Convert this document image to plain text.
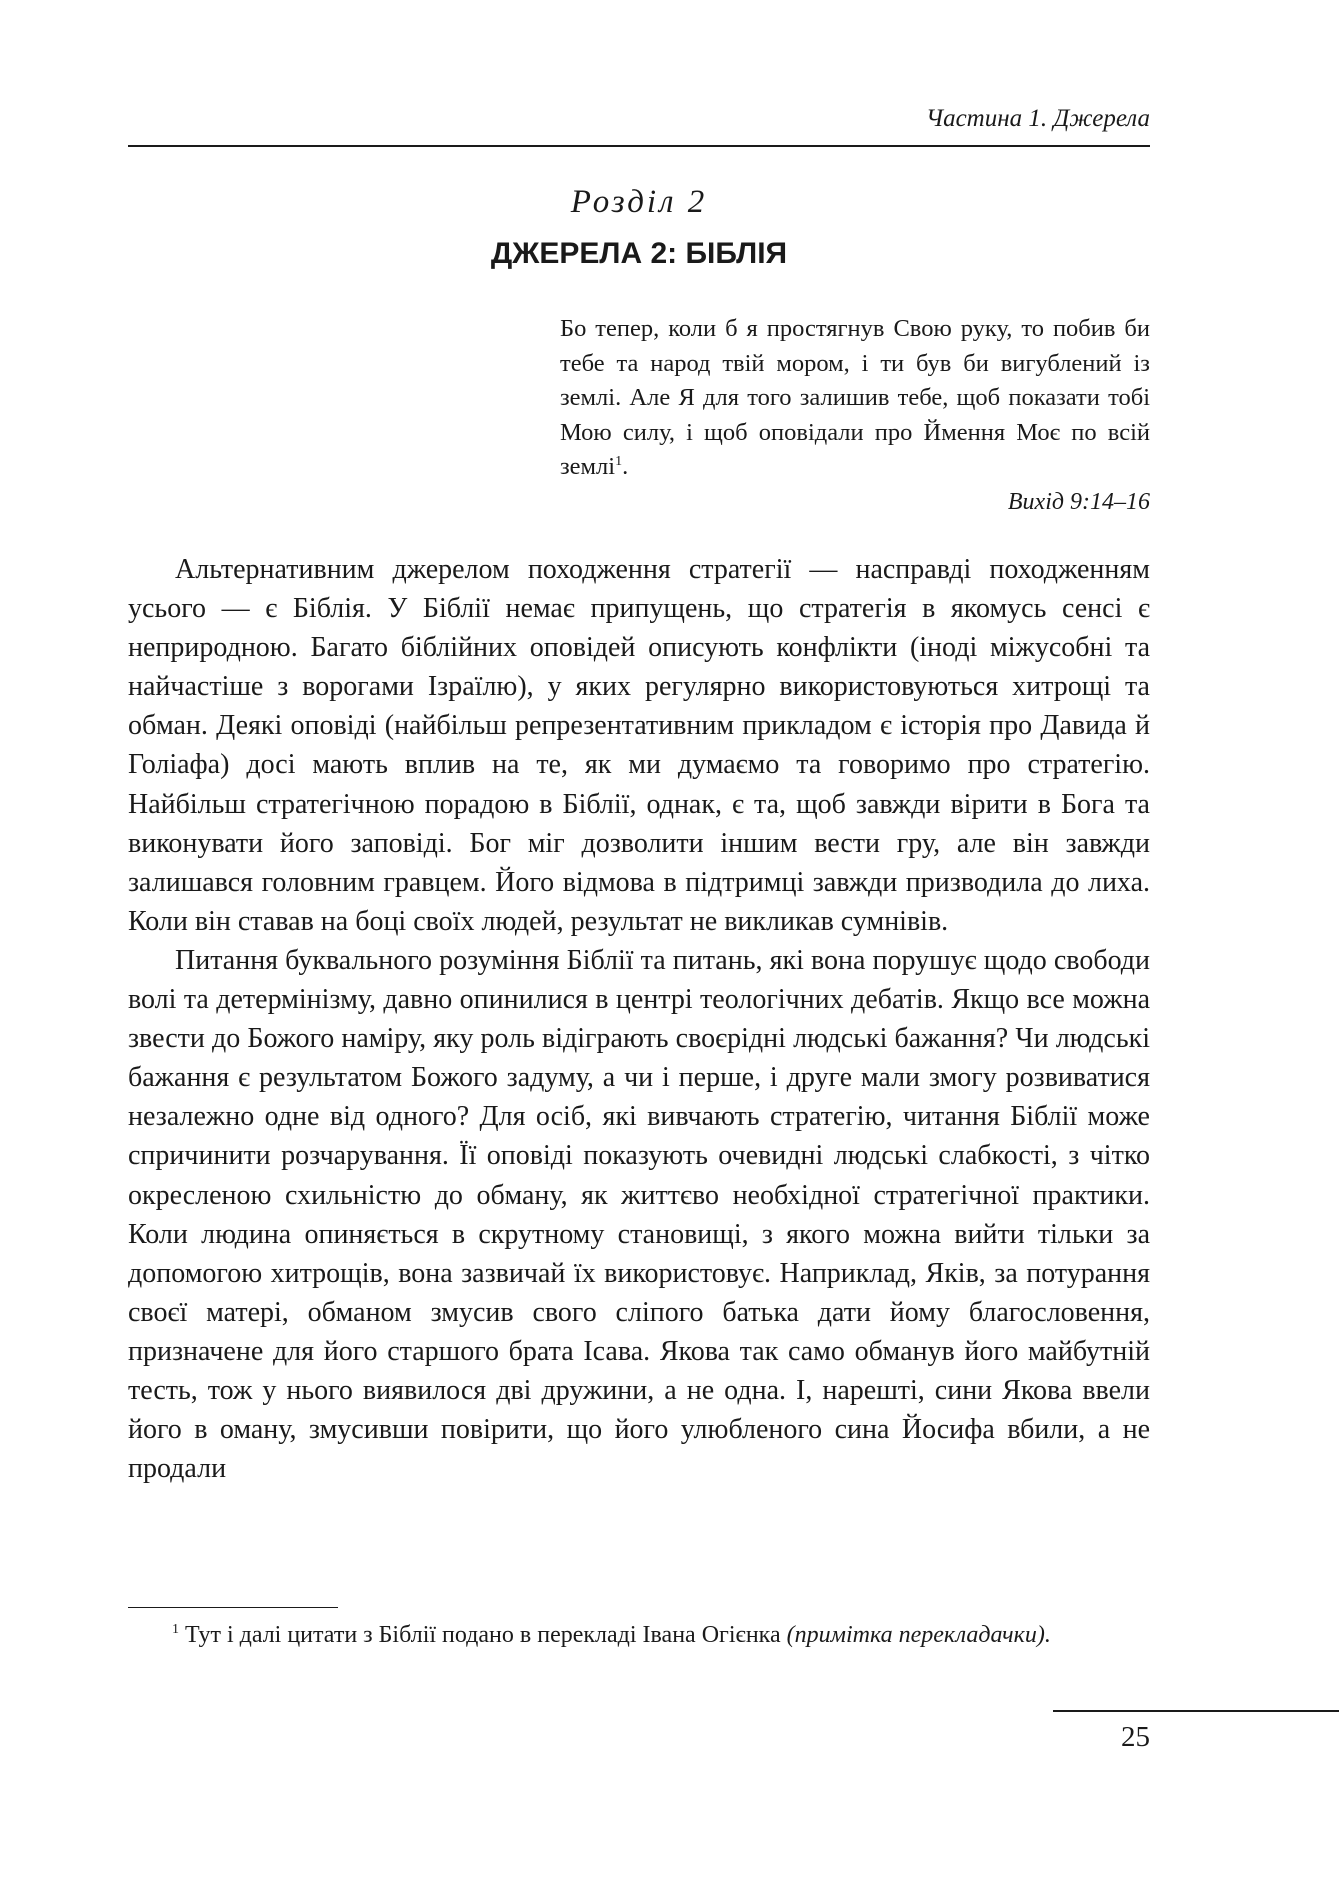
Частина 1. Джерела
Розділ 2
ДЖЕРЕЛА 2: БІБЛІЯ
Бо тепер, коли б я простягнув Свою руку, то побив би тебе та народ твій мором, і ти був би вигублений із землі. Але Я для того залишив тебе, щоб показати тобі Мою силу, і щоб оповідали про Ймення Моє по всій землі$^1$.
Вихід 9:14–16

Альтернативним джерелом походження стратегії — насправді походженням усього — є Біблія. У Біблії немає припущень, що стратегія в якомусь сенсі є неприродною. Багато біблійних оповідей описують конфлікти (іноді міжусобні та найчастіше з ворогами Ізраїлю), у яких регулярно використовуються хитрощі та обман. Деякі оповіді (найбільш репрезентативним прикладом є історія про Давида й Голіафа) досі мають вплив на те, як ми думаємо та говоримо про стратегію. Найбільш стратегічною порадою в Біблії, однак, є та, щоб завжди вірити в Бога та виконувати його заповіді. Бог міг дозволити іншим вести гру, але він завжди залишався головним гравцем. Його відмова в підтримці завжди призводила до лиха. Коли він ставав на боці своїх людей, результат не викликав сумнівів.

Питання буквального розуміння Біблії та питань, які вона порушує щодо свободи волі та детермінізму, давно опинилися в центрі теологічних дебатів. Якщо все можна звести до Божого наміру, яку роль відіграють своєрідні людські бажання? Чи людські бажання є результатом Божого задуму, а чи і перше, і друге мали змогу розвиватися незалежно одне від одного? Для осіб, які вивчають стратегію, читання Біблії може спричинити розчарування. Її оповіді показують очевидні людські слабкості, з чітко окресленою схильністю до обману, як життєво необхідної стратегічної практики. Коли людина опиняється в скрутному становищі, з якого можна вийти тільки за допомогою хитрощів, вона зазвичай їх використовує. Наприклад, Яків, за потурання своєї матері, обманом змусив свого сліпого батька дати йому благословення, призначене для його старшого брата Ісава. Якова так само обманув його майбутній тесть, тож у нього виявилося дві дружини, а не одна. І, нарешті, сини Якова ввели його в оману, змусивши повірити, що його улюбленого сина Йосифа вбили, а не продали

$^1$ Тут і далі цитати з Біблії подано в перекладі Івана Огієнка (примітка перекладачки).
25
